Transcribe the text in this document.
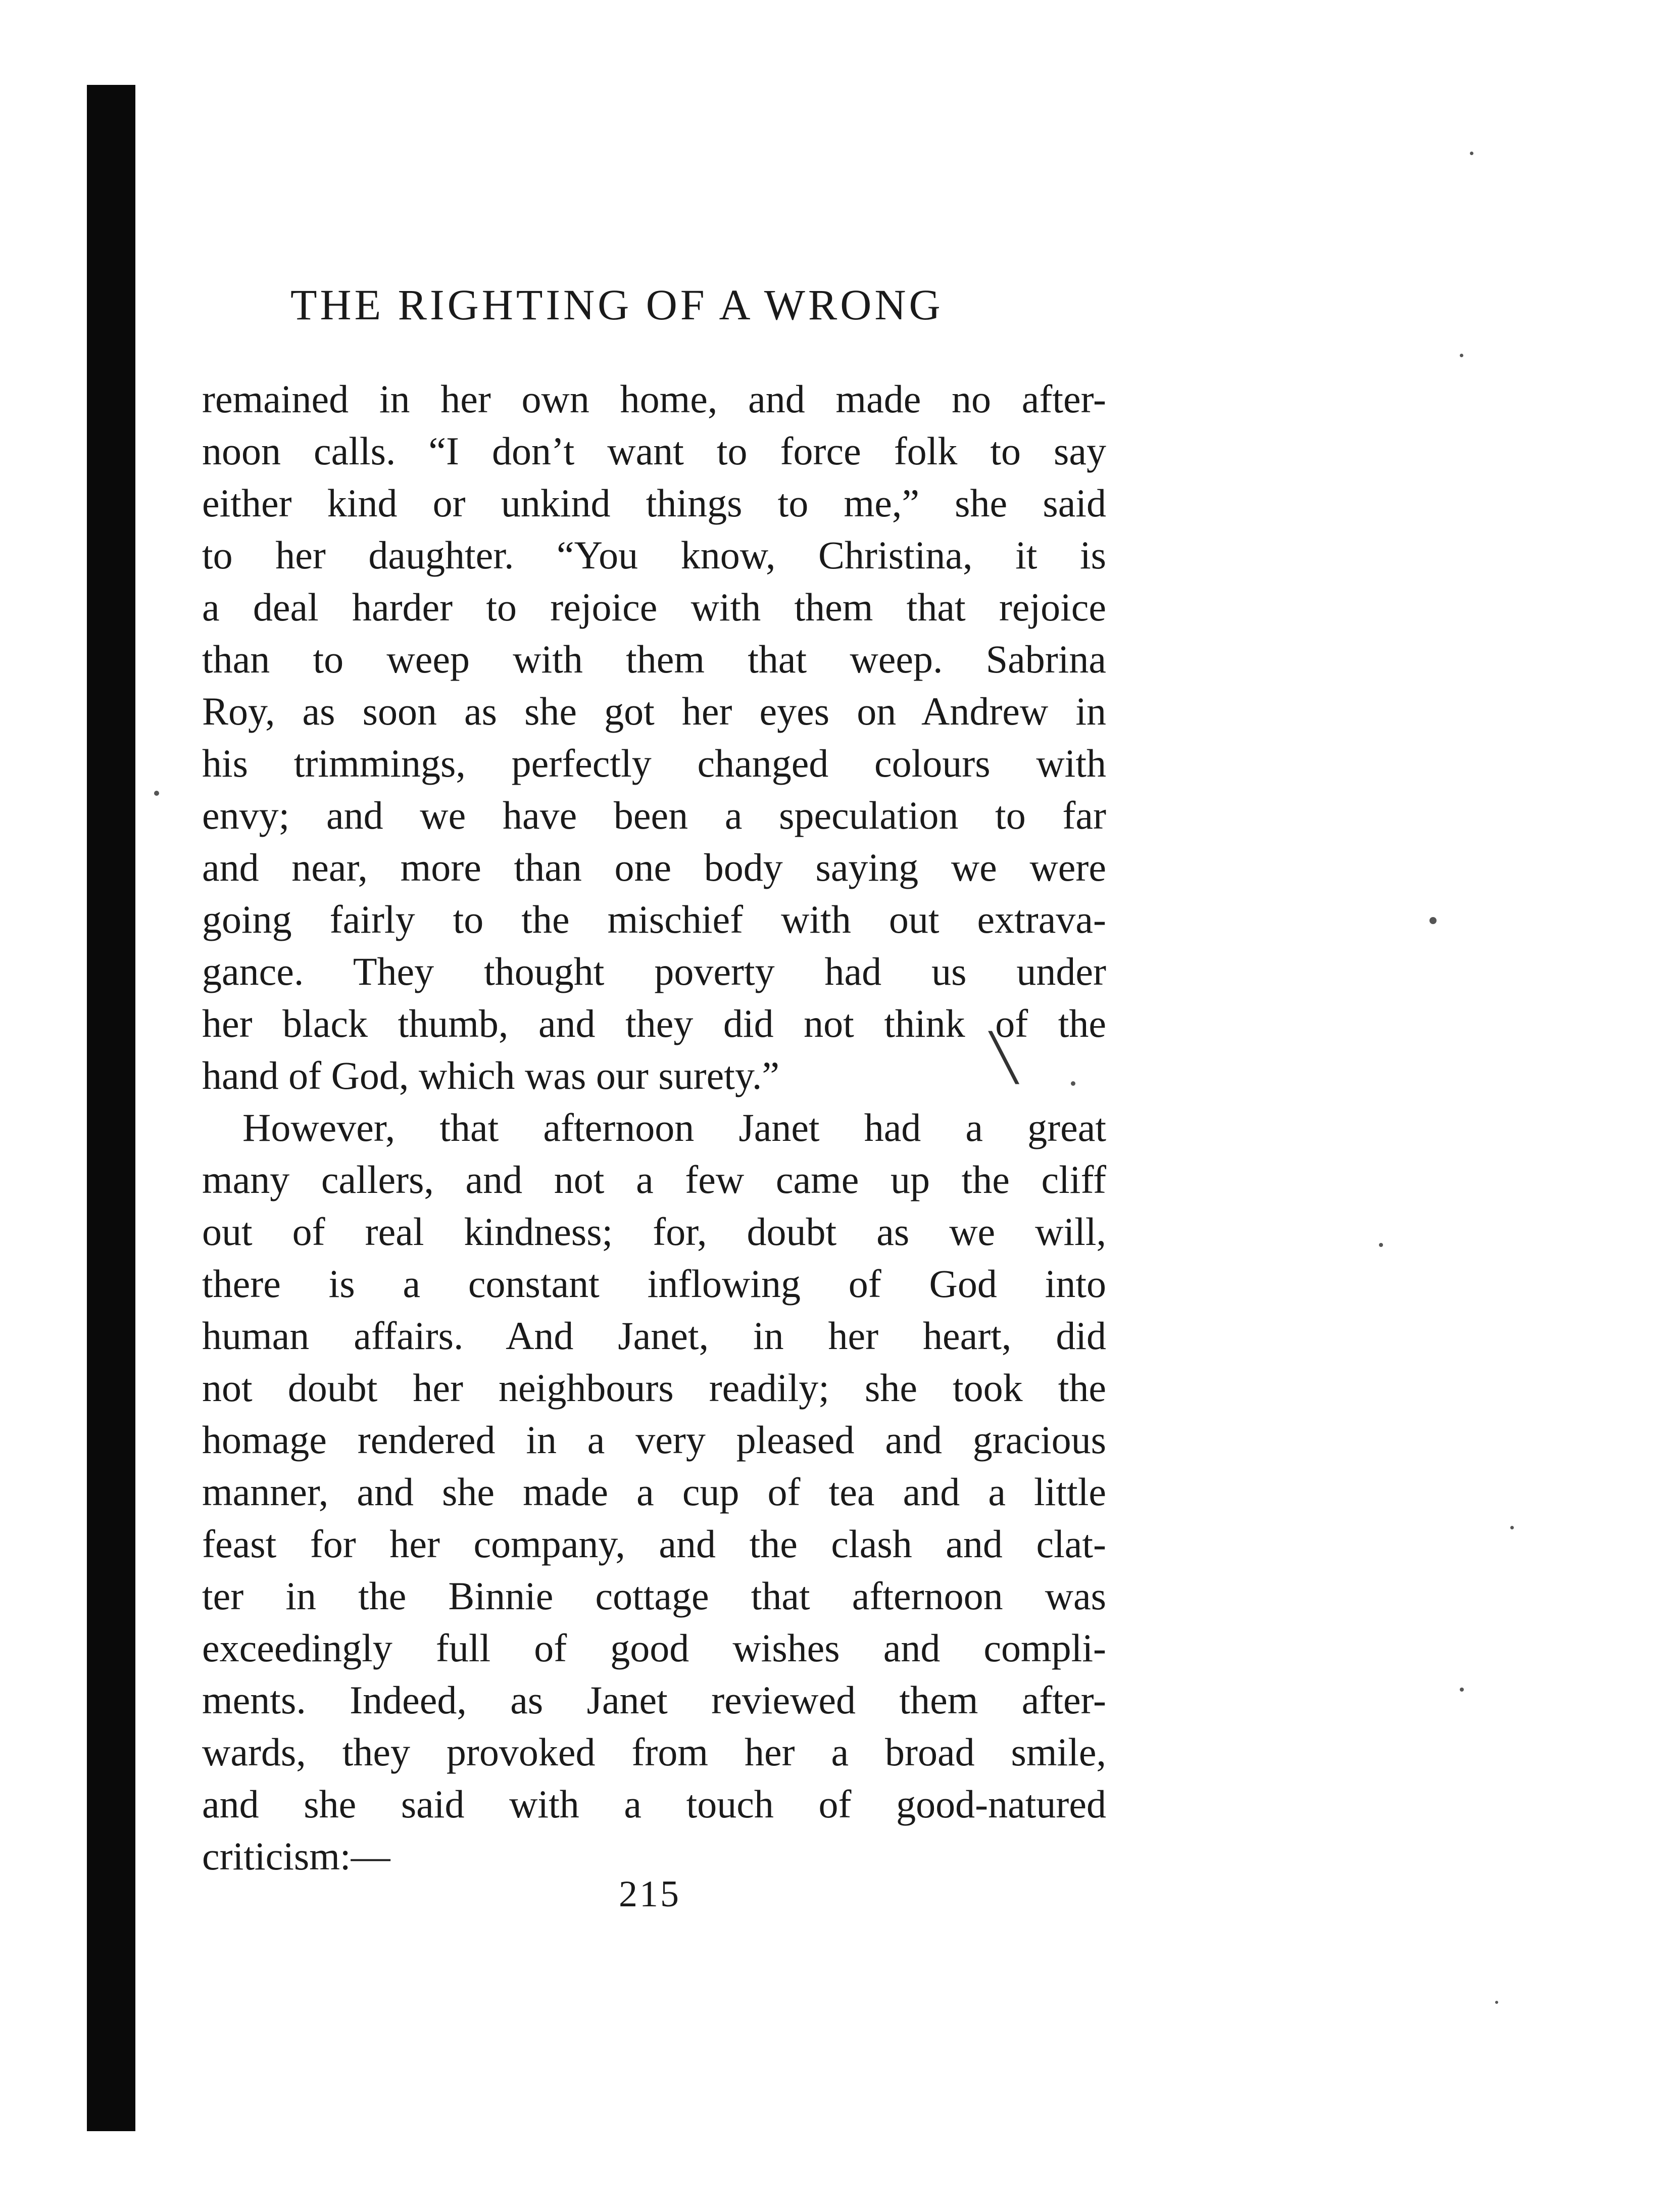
THE RIGHTING OF A WRONG
remained in her own home, and made no after-
noon calls. “I don’t want to force folk to say
either kind or unkind things to me,” she said
to her daughter. “You know, Christina, it is
a deal harder to rejoice with them that rejoice
than to weep with them that weep. Sabrina
Roy, as soon as she got her eyes on Andrew in
his trimmings, perfectly changed colours with
envy; and we have been a speculation to far
and near, more than one body saying we were
going fairly to the mischief with out extrava-
gance. They thought poverty had us under
her black thumb, and they did not think of the
hand of God, which was our surety.”
However, that afternoon Janet had a great
many callers, and not a few came up the cliff
out of real kindness; for, doubt as we will,
there is a constant inflowing of God into
human affairs. And Janet, in her heart, did
not doubt her neighbours readily; she took the
homage rendered in a very pleased and gracious
manner, and she made a cup of tea and a little
feast for her company, and the clash and clat-
ter in the Binnie cottage that afternoon was
exceedingly full of good wishes and compli-
ments. Indeed, as Janet reviewed them after-
wards, they provoked from her a broad smile,
and she said with a touch of good-natured
criticism:—
215
╲
